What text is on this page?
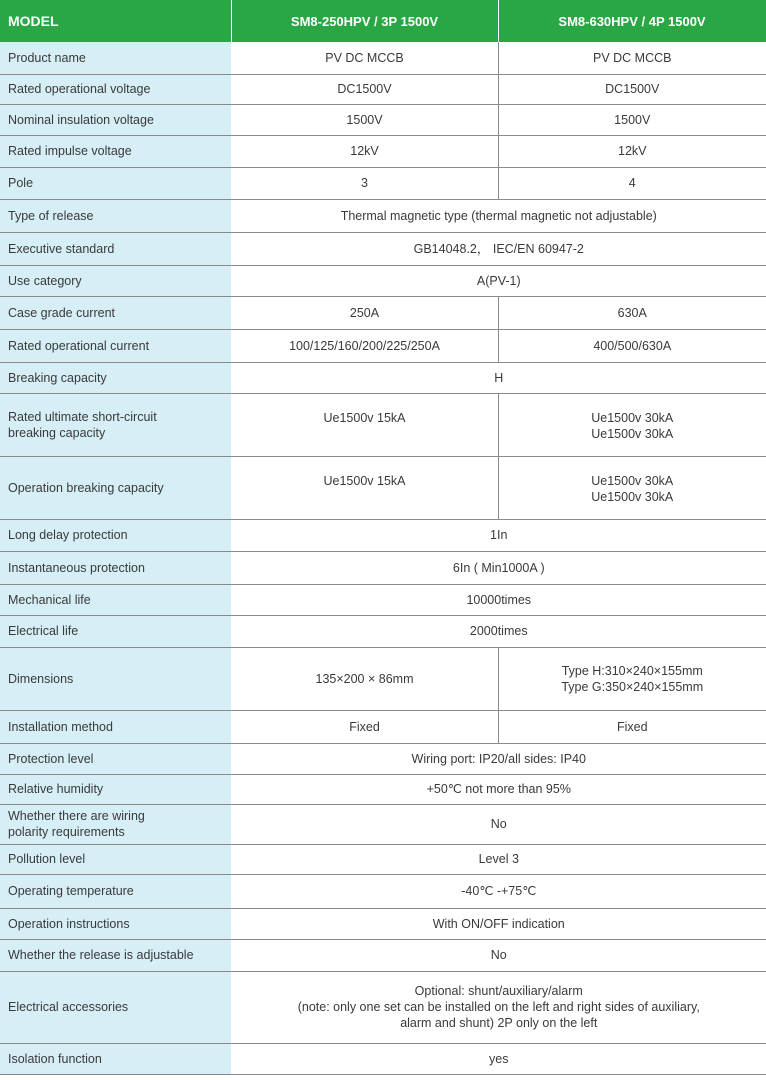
MODEL	SM8-250HPV / 3P 1500V	SM8-630HPV / 4P 1500V
Product name	PV DC MCCB	PV DC MCCB
Rated operational voltage	DC1500V	DC1500V
Nominal insulation voltage	1500V	1500V
Rated impulse voltage	12kV	12kV
Pole	3	4
Type of release	Thermal magnetic type (thermal magnetic not adjustable)	
Executive standard	GB14048.2， IEC/EN 60947-2	
Use category	A(PV-1)	
Case grade current	250A	630A
Rated operational current	100/125/160/200/225/250A	400/500/630A
Breaking capacity	H	

Rated ultimate short-circuit
breaking capacity	Ue1500v 15kA	Ue1500v 30kA
Ue1500v 30kA

Operation breaking capacity	Ue1500v 15kA	Ue1500v 30kA
Ue1500v 30kA

Long delay protection	1In	
Instantaneous protection	6In ( Min1000A )	
Mechanical life	10000times	
Electrical life	2000times	
Dimensions	135×200 × 86mm	Type H:310×240×155mm
Type G:350×240×155mm

Installation method	Fixed	Fixed
Protection level	Wiring port: IP20/all sides: IP40	
Relative humidity	+50℃ not more than 95%	

Whether there are wiring
polarity requirements	No	
Pollution level	Level 3	
Operating temperature	-40℃ -+75℃	
Operation instructions	With ON/OFF indication	
Whether the release is adjustable	No	
Electrical accessories	Optional: shunt/auxiliary/alarm
(note: only one set can be installed on the left and right sides of auxiliary,
alarm and shunt) 2P only on the left	

Isolation function	yes	
